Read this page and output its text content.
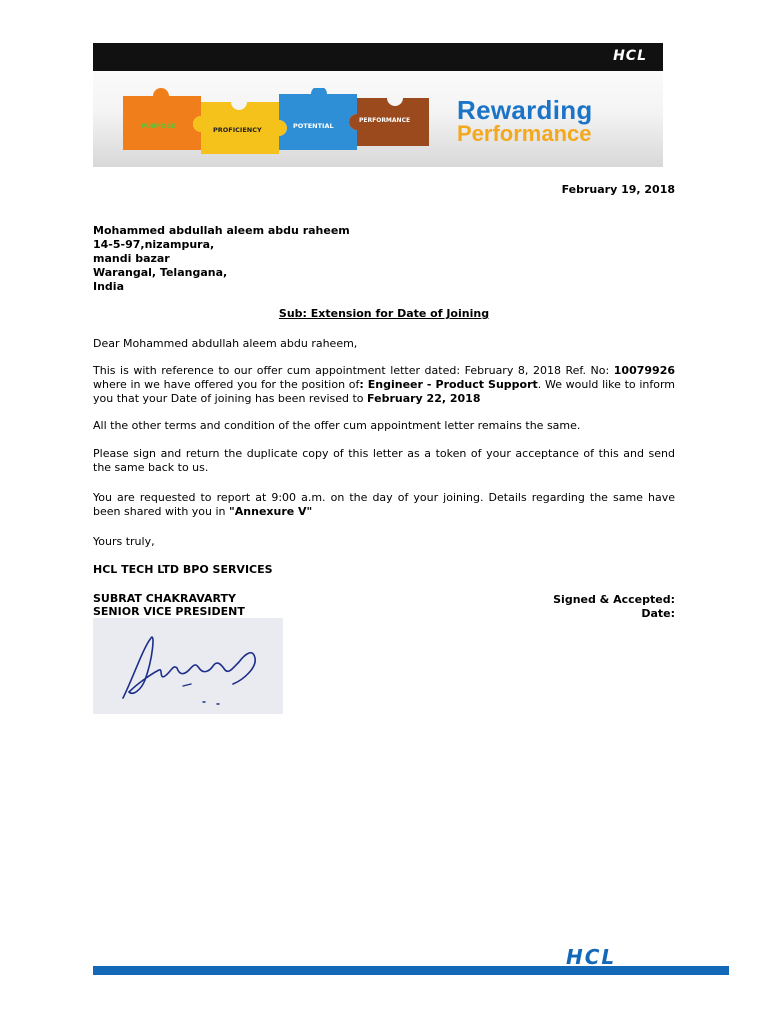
HCL
PURPOSE	PROFICIENCY	POTENTIAL
PERFORMANCE Rewarding
Performance
February 19, 2018
Mohammed abdullah aleem abdu raheem
14-5-97,nizampura,
mandi bazar
Warangal, Telangana,
India
Sub: Extension for Date of Joining
Dear Mohammed abdullah aleem abdu raheem,
This is with reference to our offer cum appointment letter dated: February 8, 2018 Ref. No: 10079926 where in we have offered you for the position of: Engineer - Product Support. We would like to inform you that your Date of joining has been revised to February 22, 2018
All the other terms and condition of the offer cum appointment letter remains the same.
Please sign and return the duplicate copy of this letter as a token of your acceptance of this and send the same back to us.
You are requested to report at 9:00 a.m. on the day of your joining. Details regarding the same have been shared with you in "Annexure V"
Yours truly,
HCL TECH LTD BPO SERVICES
SUBRAT CHAKRAVARTY
SENIOR VICE PRESIDENT
Signed & Accepted:
Date:
HCL
